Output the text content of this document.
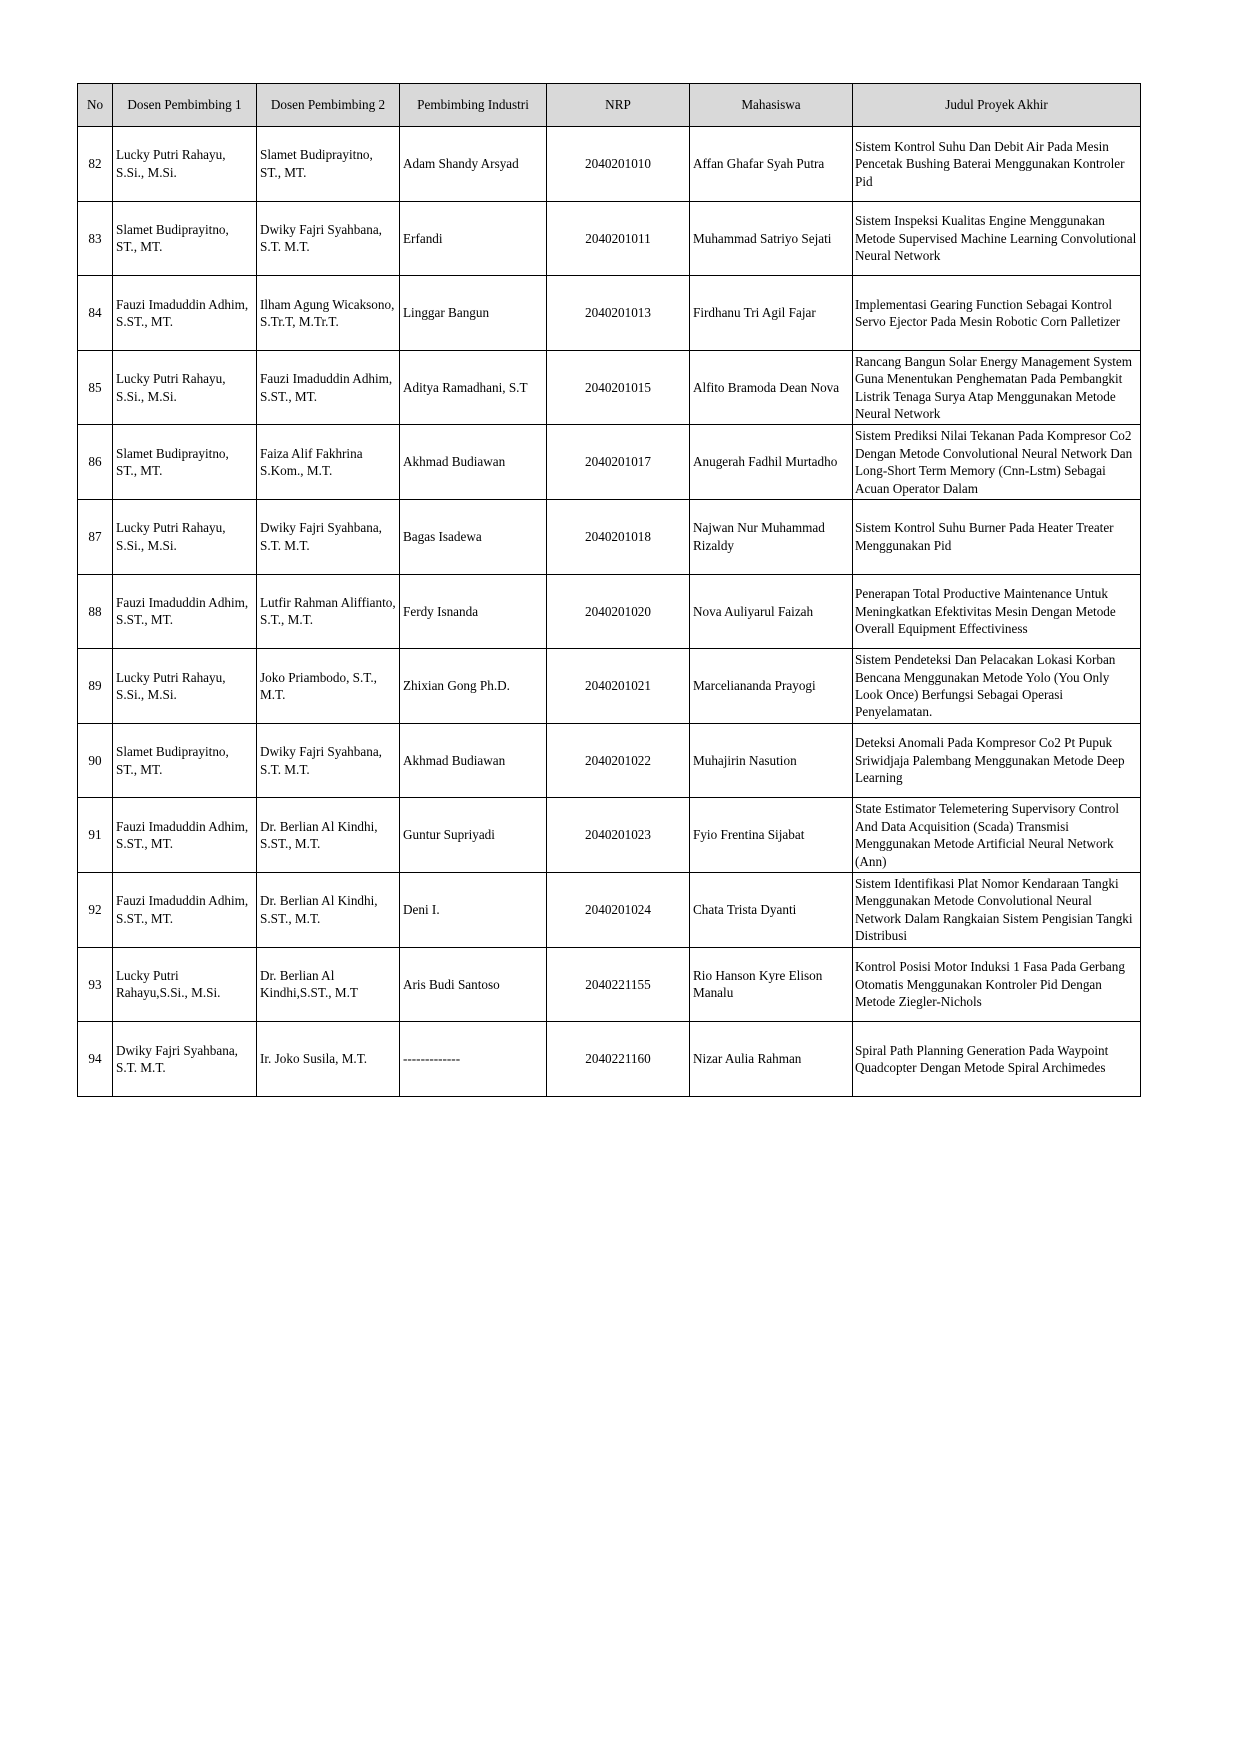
No	Dosen Pembimbing 1	Dosen Pembimbing 2	Pembimbing Industri	NRP	Mahasiswa	Judul Proyek Akhir
82	Lucky Putri Rahayu, S.Si., M.Si.	Slamet Budiprayitno, ST., MT.	Adam Shandy Arsyad	2040201010	Affan Ghafar Syah Putra	Sistem Kontrol Suhu Dan Debit Air Pada Mesin Pencetak Bushing Baterai Menggunakan Kontroler Pid
83	Slamet Budiprayitno, ST., MT.	Dwiky Fajri Syahbana, S.T. M.T.	Erfandi	2040201011	Muhammad Satriyo Sejati	Sistem Inspeksi Kualitas Engine Menggunakan Metode Supervised Machine Learning Convolutional Neural Network
84	Fauzi Imaduddin Adhim, S.ST., MT.	Ilham Agung Wicaksono, S.Tr.T, M.Tr.T.	Linggar Bangun	2040201013	Firdhanu Tri Agil Fajar	Implementasi Gearing Function Sebagai Kontrol Servo Ejector Pada Mesin Robotic Corn Palletizer
85	Lucky Putri Rahayu, S.Si., M.Si.	Fauzi Imaduddin Adhim, S.ST., MT.	Aditya Ramadhani, S.T	2040201015	Alfito Bramoda Dean Nova	Rancang Bangun Solar Energy Management System Guna Menentukan Penghematan Pada Pembangkit Listrik Tenaga Surya Atap Menggunakan Metode Neural Network
86	Slamet Budiprayitno, ST., MT.	Faiza Alif Fakhrina S.Kom., M.T.	Akhmad Budiawan	2040201017	Anugerah Fadhil Murtadho	Sistem Prediksi Nilai Tekanan Pada Kompresor Co2 Dengan Metode Convolutional Neural Network Dan Long-Short Term Memory (Cnn-Lstm) Sebagai Acuan Operator Dalam
87	Lucky Putri Rahayu, S.Si., M.Si.	Dwiky Fajri Syahbana, S.T. M.T.	Bagas Isadewa	2040201018	Najwan Nur Muhammad Rizaldy	Sistem Kontrol Suhu Burner Pada Heater Treater Menggunakan Pid
88	Fauzi Imaduddin Adhim, S.ST., MT.	Lutfir Rahman Aliffianto, S.T., M.T.	Ferdy Isnanda	2040201020	Nova Auliyarul Faizah	Penerapan Total Productive Maintenance Untuk Meningkatkan Efektivitas Mesin Dengan Metode Overall Equipment Effectiviness
89	Lucky Putri Rahayu, S.Si., M.Si.	Joko Priambodo, S.T., M.T.	Zhixian Gong Ph.D.	2040201021	Marcelianandа Prayogi	Sistem Pendeteksi Dan Pelacakan Lokasi Korban Bencana Menggunakan Metode Yolo (You Only Look Once) Berfungsi Sebagai Operasi Penyelamatan.
90	Slamet Budiprayitno, ST., MT.	Dwiky Fajri Syahbana, S.T. M.T.	Akhmad Budiawan	2040201022	Muhajirin Nasution	Deteksi Anomali Pada Kompresor Co2 Pt Pupuk Sriwidjaja Palembang Menggunakan Metode Deep Learning
91	Fauzi Imaduddin Adhim, S.ST., MT.	Dr. Berlian Al Kindhi, S.ST., M.T.	Guntur Supriyadi	2040201023	Fyio Frentina Sijabat	State Estimator Telemetering Supervisory Control And Data Acquisition (Scada) Transmisi Menggunakan Metode Artificial Neural Network (Ann)
92	Fauzi Imaduddin Adhim, S.ST., MT.	Dr. Berlian Al Kindhi, S.ST., M.T.	Deni I.	2040201024	Chata Trista Dyanti	Sistem Identifikasi Plat Nomor Kendaraan Tangki Menggunakan Metode Convolutional Neural Network Dalam Rangkaian Sistem Pengisian Tangki Distribusi
93	Lucky Putri Rahayu,S.Si., M.Si.	Dr. Berlian Al Kindhi,S.ST., M.T	Aris Budi Santoso	2040221155	Rio Hanson Kyre Elison Manalu	Kontrol Posisi Motor Induksi 1 Fasa Pada Gerbang Otomatis Menggunakan Kontroler Pid Dengan Metode Ziegler-Nichols
94	Dwiky Fajri Syahbana, S.T. M.T.	Ir. Joko Susila, M.T.	-------------	2040221160	Nizar Aulia Rahman	Spiral Path Planning Generation Pada Waypoint Quadcopter Dengan Metode Spiral Archimedes
